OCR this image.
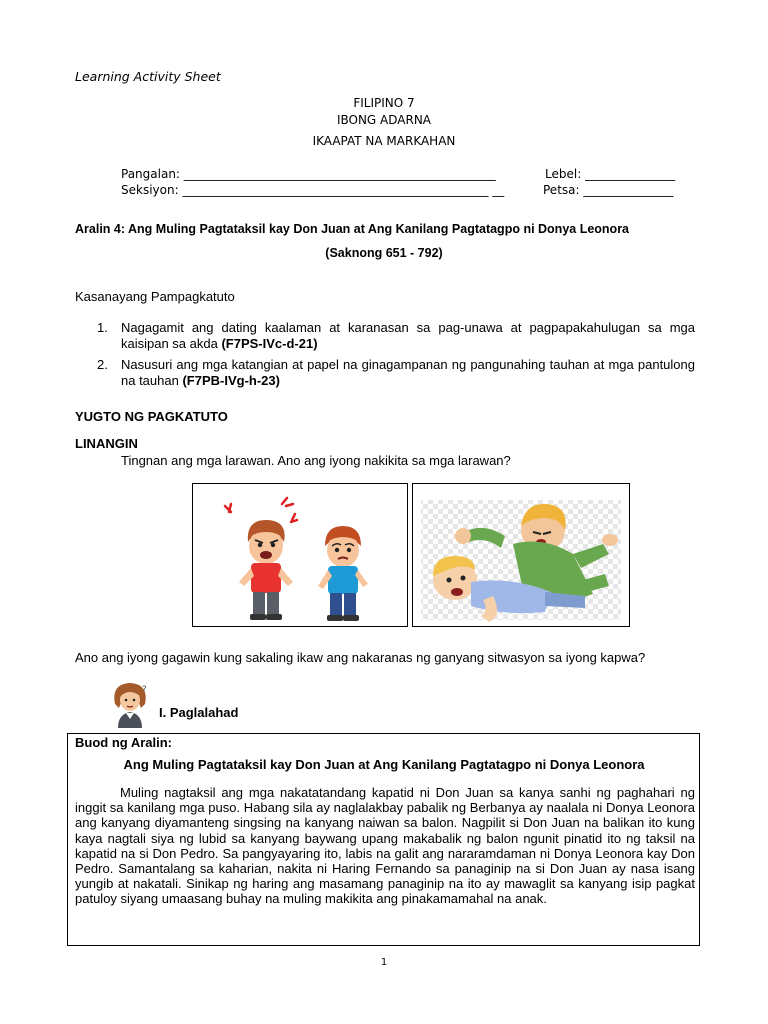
Learning Activity Sheet
FILIPINO 7
IBONG ADARNA
IKAAPAT NA MARKAHAN
Pangalan: ____________________________________________________	Lebel: _______________
Seksiyon: ___________________________________________________ __	Petsa: _______________
Aralin 4: Ang Muling Pagtataksil kay Don Juan at Ang Kanilang Pagtatagpo ni Donya Leonora
(Saknong 651 - 792)
Kasanayang Pampagkatuto
1. Nagagamit ang dating kaalaman at karanasan sa pag-unawa at pagpapakahulugan sa mga kaisipan sa akda (F7PS-IVc-d-21)
2. Nasusuri ang mga katangian at papel na ginagampanan ng pangunahing tauhan at mga pantulong na tauhan (F7PB-IVg-h-23)
YUGTO NG PAGKATUTO
LINANGIN
Tingnan ang mga larawan. Ano ang iyong nakikita sa mga larawan?
Ano ang iyong gagawin kung sakaling ikaw ang nakaranas ng ganyang sitwasyon sa iyong kapwa?
?
I. Paglalahad
Buod ng Aralin:
Ang Muling Pagtataksil kay Don Juan at Ang Kanilang Pagtatagpo ni Donya Leonora

Muling nagtaksil ang mga nakatatandang kapatid ni Don Juan sa kanya sanhi ng paghahari ng inggit sa kanilang mga puso. Habang sila ay naglalakbay pabalik ng Berbanya ay naalala ni Donya Leonora ang kanyang diyamanteng singsing na kanyang naiwan sa balon. Nagpilit si Don Juan na balikan ito kung kaya nagtali siya ng lubid sa kanyang baywang upang makabalik ng balon ngunit pinatid ito ng taksil na kapatid na si Don Pedro. Sa pangyayaring ito, labis na galit ang nararamdaman ni Donya Leonora kay Don Pedro. Samantalang sa kaharian, nakita ni Haring Fernando sa panaginip na si Don Juan ay nasa isang yungib at nakatali. Sinikap ng haring ang masamang panaginip na ito ay mawaglit sa kanyang isip pagkat patuloy siyang umaasang buhay na muling makikita ang pinakamamahal na anak.

1
